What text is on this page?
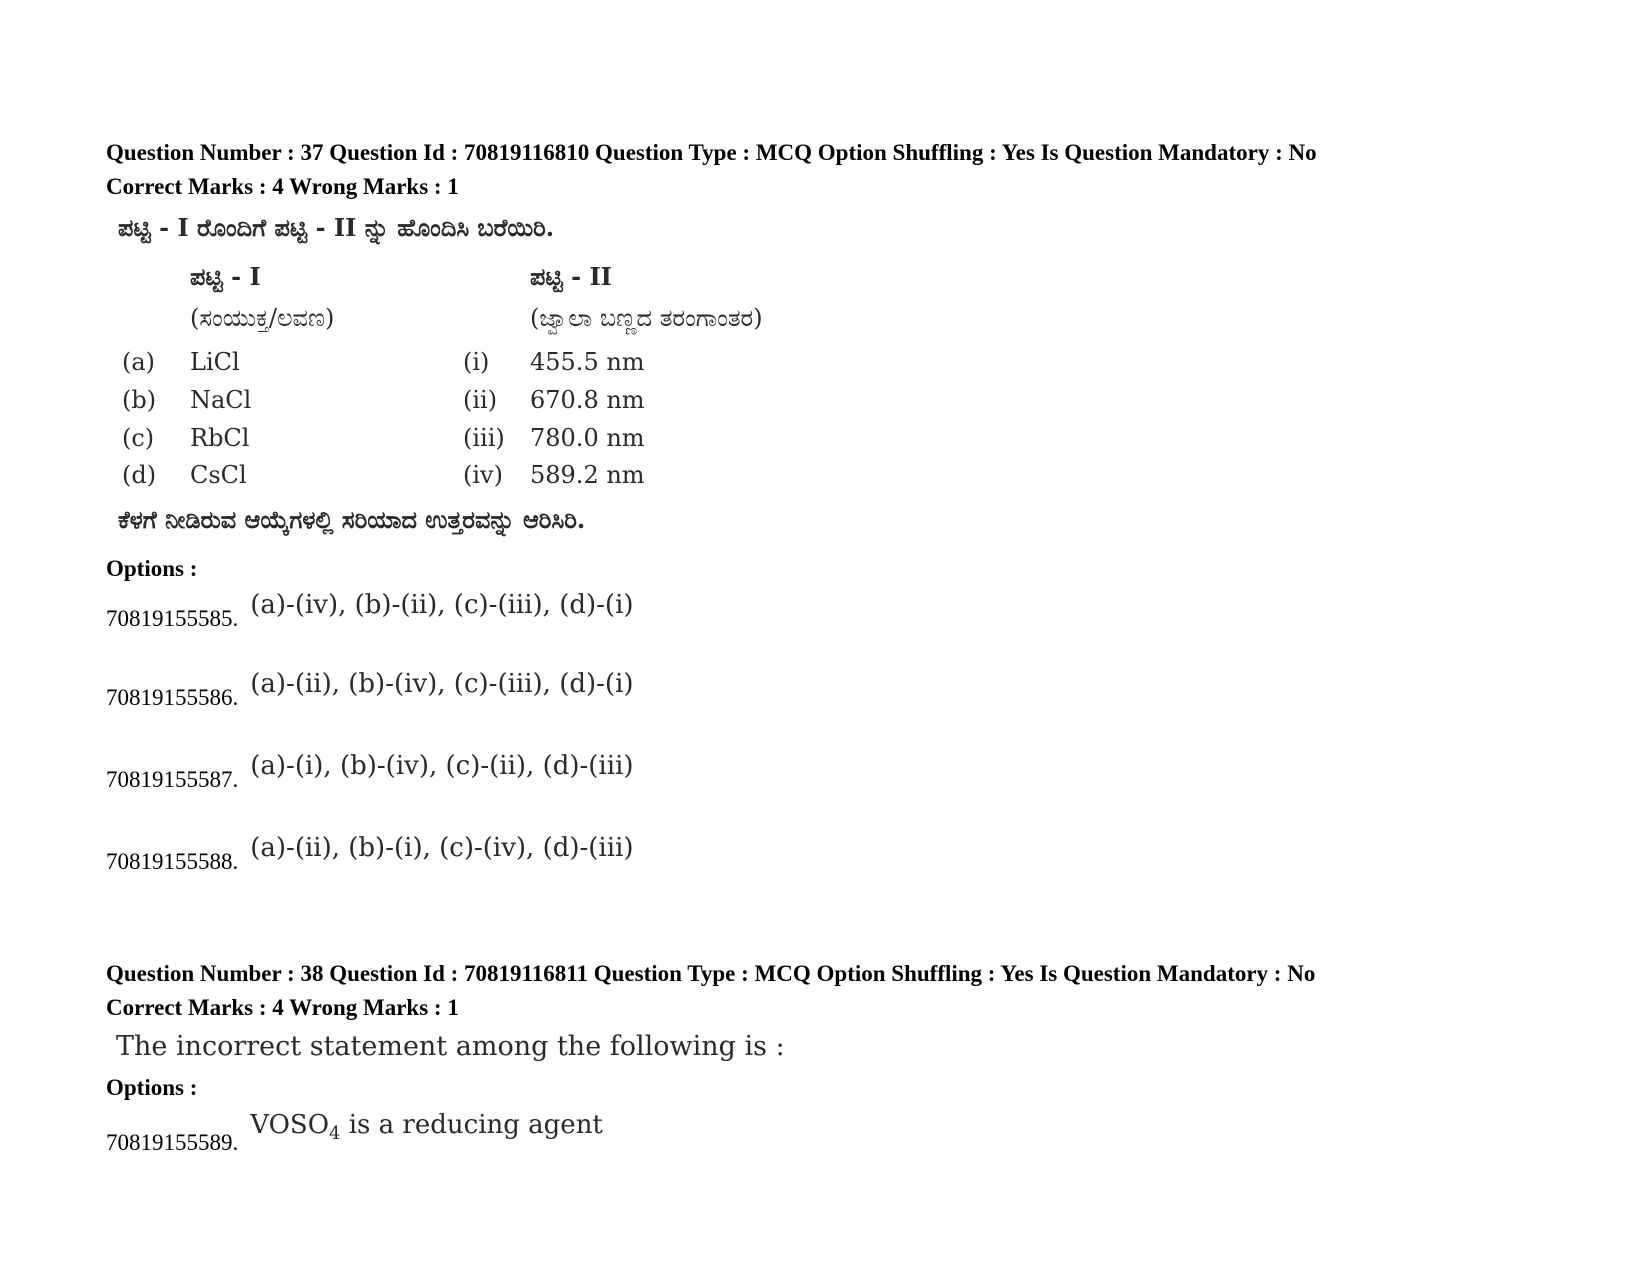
Question Number : 37 Question Id : 70819116810 Question Type : MCQ Option Shuffling : Yes Is Question Mandatory : No
Correct Marks : 4 Wrong Marks : 1
ಪಟ್ಟಿ - I ರೊಂದಿಗೆ ಪಟ್ಟಿ - II ನ್ನು ಹೊಂದಿಸಿ ಬರೆಯಿರಿ.
ಪಟ್ಟಿ - I	ಪಟ್ಟಿ - II
(ಸಂಯುಕ್ತ/ಲವಣ)	(ಜ್ವಾಲಾ ಬಣ್ಣದ ತರಂಗಾಂತರ)
(a) LiCl	(i) 455.5 nm
(b) NaCl	(ii) 670.8 nm
(c) RbCl	(iii) 780.0 nm
(d) CsCl	(iv) 589.2 nm
ಕೆಳಗೆ ನೀಡಿರುವ ಆಯ್ಕೆಗಳಲ್ಲಿ ಸರಿಯಾದ ಉತ್ತರವನ್ನು ಆರಿಸಿರಿ.
Options :
70819155585. (a)-(iv), (b)-(ii), (c)-(iii), (d)-(i)
70819155586. (a)-(ii), (b)-(iv), (c)-(iii), (d)-(i)
70819155587. (a)-(i), (b)-(iv), (c)-(ii), (d)-(iii)
70819155588. (a)-(ii), (b)-(i), (c)-(iv), (d)-(iii)
Question Number : 38 Question Id : 70819116811 Question Type : MCQ Option Shuffling : Yes Is Question Mandatory : No
Correct Marks : 4 Wrong Marks : 1
The incorrect statement among the following is :
Options :
$70819155589.VOSO_4$ is a reducing agent
